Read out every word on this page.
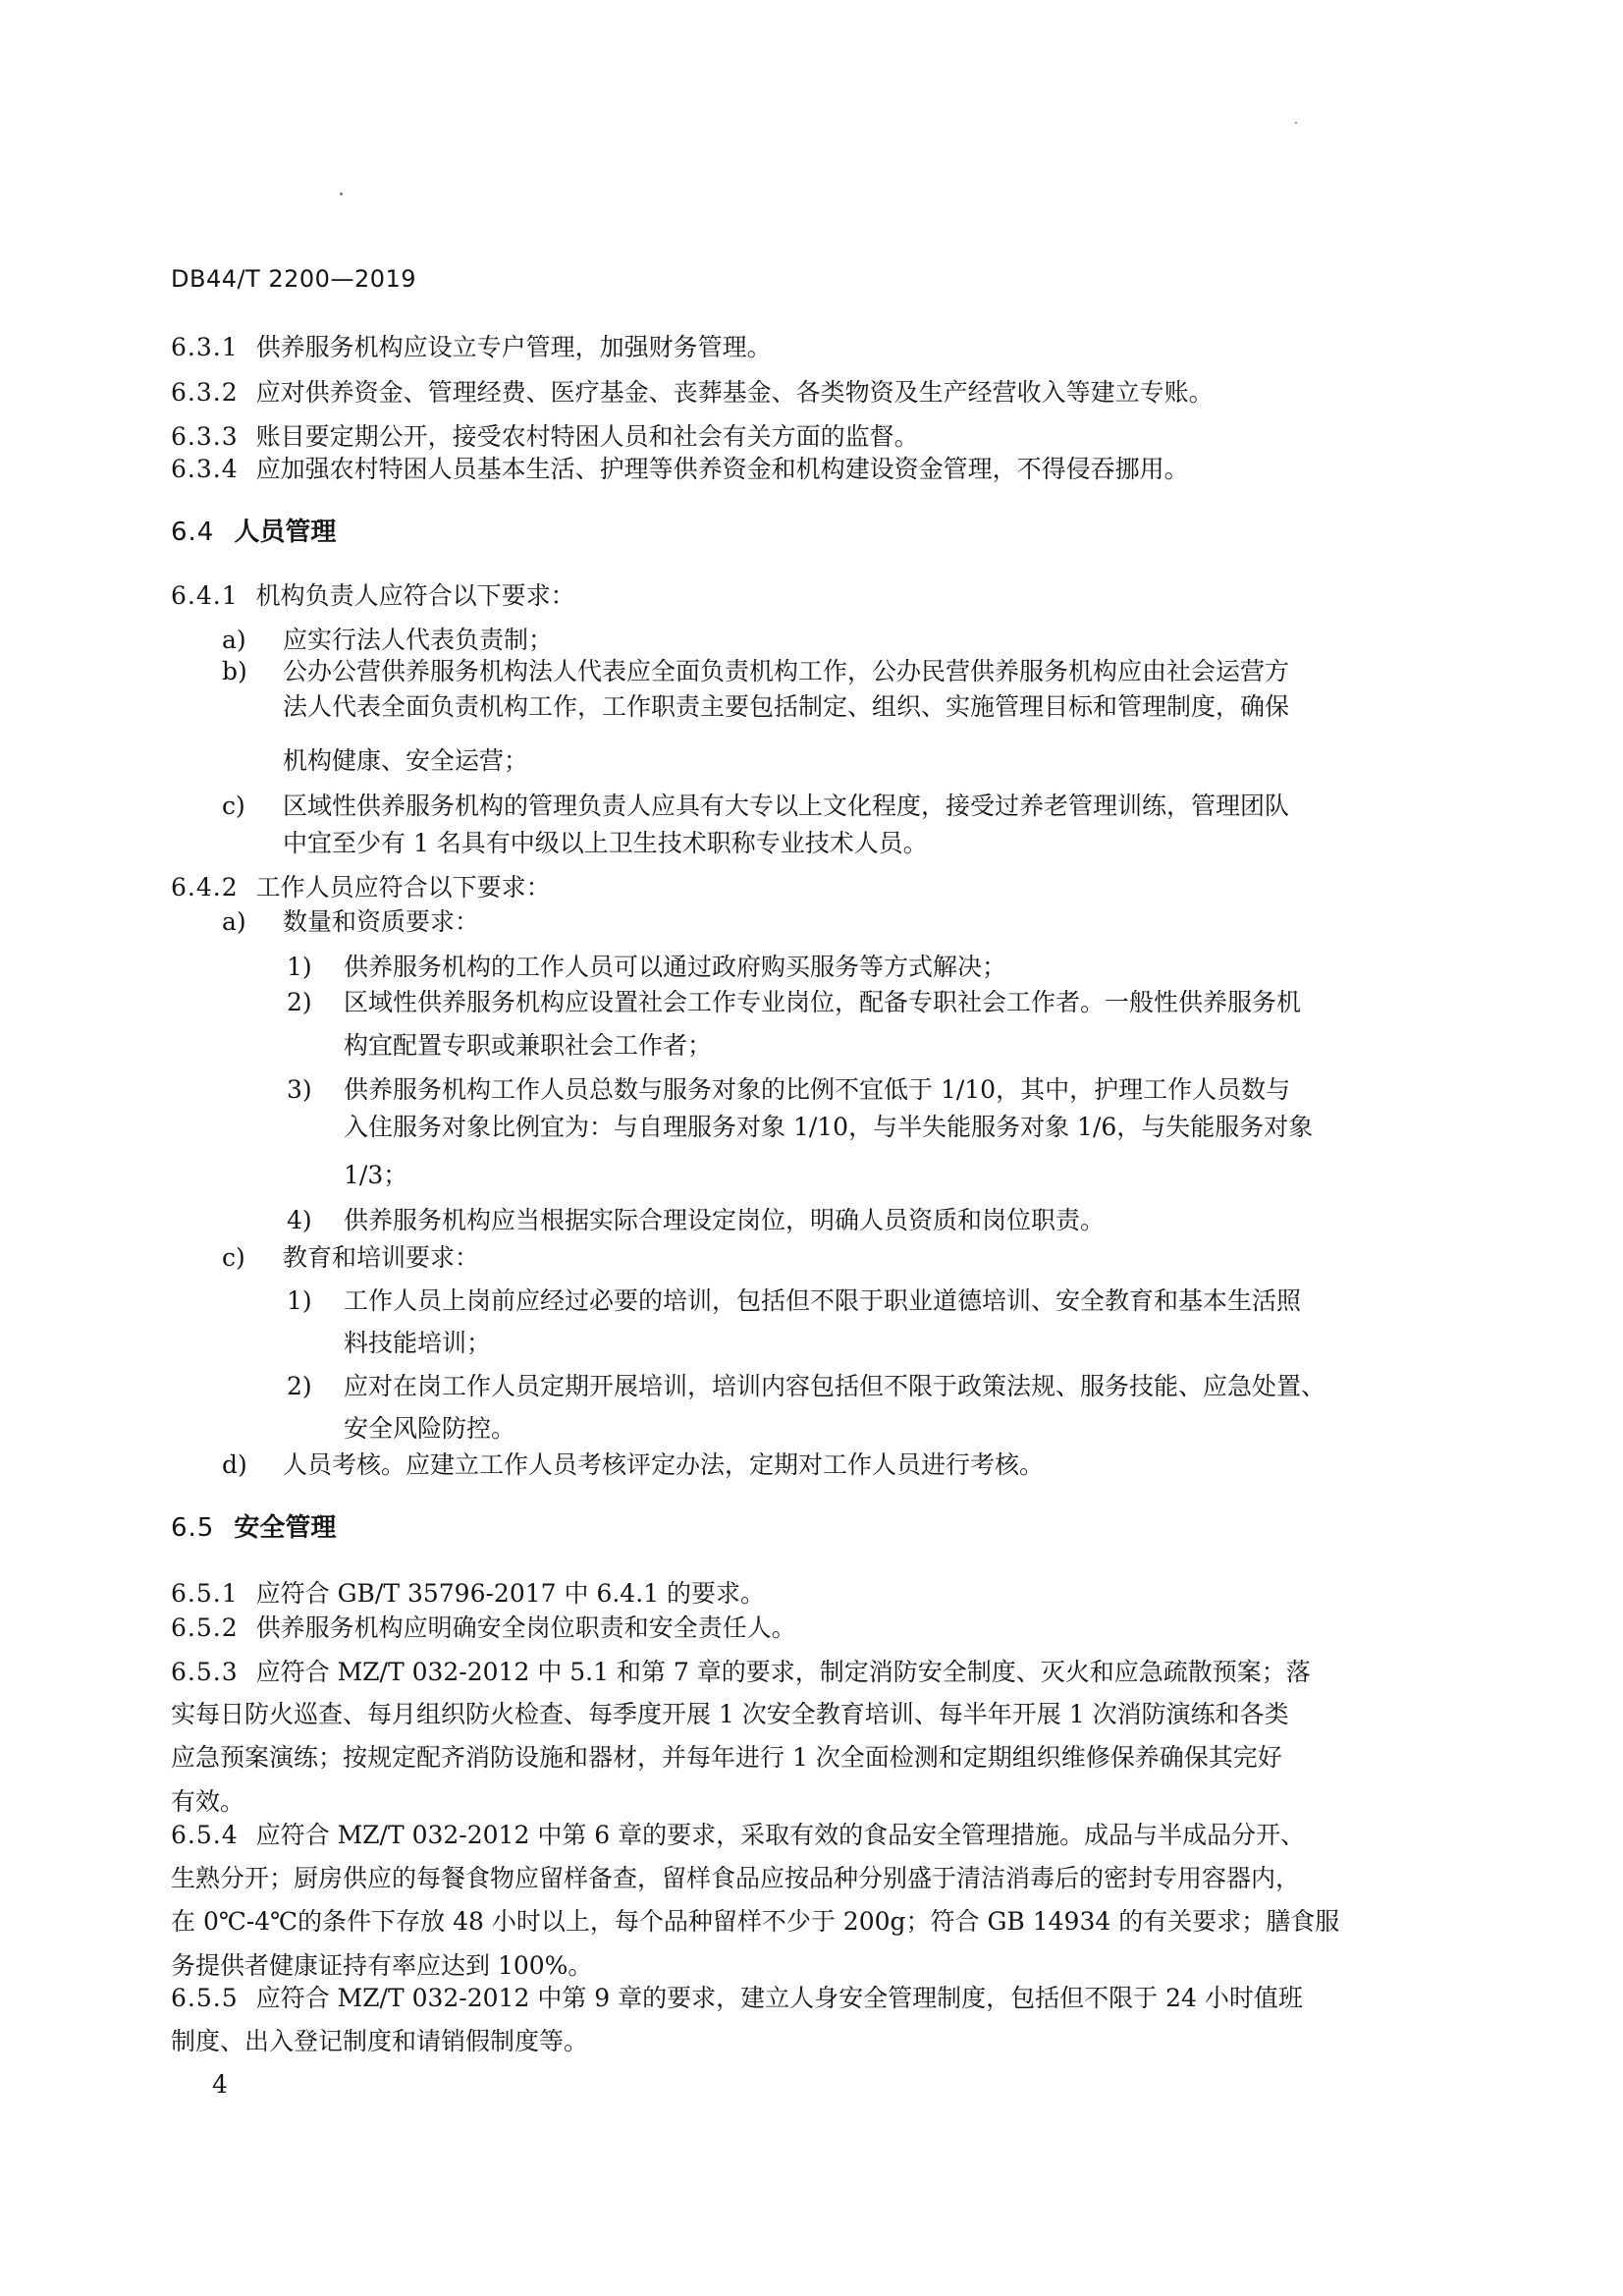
DB44/T 2200—2019
6.3.1 供养服务机构应设立专户管理，加强财务管理。
6.3.2 应对供养资金、管理经费、医疗基金、丧葬基金、各类物资及生产经营收入等建立专账。
6.3.3 账目要定期公开，接受农村特困人员和社会有关方面的监督。
6.3.4 应加强农村特困人员基本生活、护理等供养资金和机构建设资金管理，不得侵吞挪用。
6.4 人员管理
6.4.1 机构负责人应符合以下要求：
a)	应实行法人代表负责制；
b)	公办公营供养服务机构法人代表应全面负责机构工作，公办民营供养服务机构应由社会运营方
法人代表全面负责机构工作，工作职责主要包括制定、组织、实施管理目标和管理制度，确保
机构健康、安全运营；
c)	区域性供养服务机构的管理负责人应具有大专以上文化程度，接受过养老管理训练，管理团队
中宜至少有 1 名具有中级以上卫生技术职称专业技术人员。
6.4.2 工作人员应符合以下要求：
a)	数量和资质要求：
1)	供养服务机构的工作人员可以通过政府购买服务等方式解决；
2)	区域性供养服务机构应设置社会工作专业岗位，配备专职社会工作者。一般性供养服务机
构宜配置专职或兼职社会工作者；
3)	供养服务机构工作人员总数与服务对象的比例不宜低于 1/10，其中，护理工作人员数与
入住服务对象比例宜为：与自理服务对象 1/10，与半失能服务对象 1/6，与失能服务对象
1/3；
4)	供养服务机构应当根据实际合理设定岗位，明确人员资质和岗位职责。
c)	教育和培训要求：
1)	工作人员上岗前应经过必要的培训，包括但不限于职业道德培训、安全教育和基本生活照
料技能培训；
2)	应对在岗工作人员定期开展培训，培训内容包括但不限于政策法规、服务技能、应急处置、
安全风险防控。
d)	人员考核。应建立工作人员考核评定办法，定期对工作人员进行考核。
6.5 安全管理
6.5.1 应符合 GB/T 35796-2017 中 6.4.1 的要求。
6.5.2 供养服务机构应明确安全岗位职责和安全责任人。
6.5.3 应符合 MZ/T 032-2012 中 5.1 和第 7 章的要求，制定消防安全制度、灭火和应急疏散预案；落
实每日防火巡查、每月组织防火检查、每季度开展 1 次安全教育培训、每半年开展 1 次消防演练和各类
应急预案演练；按规定配齐消防设施和器材，并每年进行 1 次全面检测和定期组织维修保养确保其完好
有效。
6.5.4 应符合 MZ/T 032-2012 中第 6 章的要求，采取有效的食品安全管理措施。成品与半成品分开、
生熟分开；厨房供应的每餐食物应留样备查，留样食品应按品种分别盛于清洁消毒后的密封专用容器内，
在 0℃-4℃的条件下存放 48 小时以上，每个品种留样不少于 200g；符合 GB 14934 的有关要求；膳食服
务提供者健康证持有率应达到 100%。
6.5.5 应符合 MZ/T 032-2012 中第 9 章的要求，建立人身安全管理制度，包括但不限于 24 小时值班
制度、出入登记制度和请销假制度等。
4
